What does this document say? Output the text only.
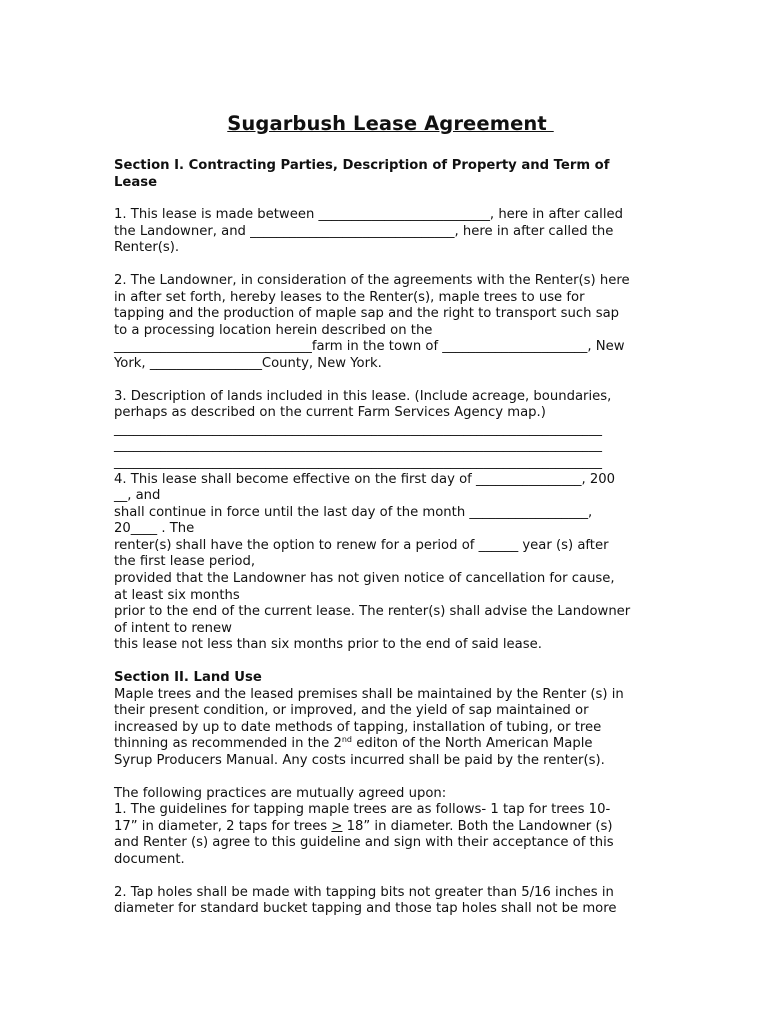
Sugarbush Lease Agreement
Section I. Contracting Parties, Description of Property and Term of
Lease
1. This lease is made between __________________________, here in after called
the Landowner, and _______________________________, here in after called the
Renter(s).
2. The Landowner, in consideration of the agreements with the Renter(s) here
in after set forth, hereby leases to the Renter(s), maple trees to use for
tapping and the production of maple sap and the right to transport such sap
to a processing location herein described on the
______________________________farm in the town of ______________________, New
York, _________________County, New York.
3. Description of lands included in this lease. (Include acreage, boundaries,
perhaps as described on the current Farm Services Agency map.)
__________________________________________________________________________
__________________________________________________________________________
__________________________________________________________________________
4. This lease shall become effective on the first day of ________________, 200
__, and
shall continue in force until the last day of the month __________________,
20____ . The
renter(s) shall have the option to renew for a period of ______ year (s) after
the first lease period,
provided that the Landowner has not given notice of cancellation for cause,
at least six months
prior to the end of the current lease. The renter(s) shall advise the Landowner
of intent to renew
this lease not less than six months prior to the end of said lease.
Section II. Land Use
Maple trees and the leased premises shall be maintained by the Renter (s) in
their present condition, or improved, and the yield of sap maintained or
increased by up to date methods of tapping, installation of tubing, or tree
thinning as recommended in the 2nd editon of the North American Maple
Syrup Producers Manual. Any costs incurred shall be paid by the renter(s).
The following practices are mutually agreed upon:
1. The guidelines for tapping maple trees are as follows- 1 tap for trees 10-
17” in diameter, 2 taps for trees ≥ 18” in diameter. Both the Landowner (s)
and Renter (s) agree to this guideline and sign with their acceptance of this
document.
2. Tap holes shall be made with tapping bits not greater than 5/16 inches in
diameter for standard bucket tapping and those tap holes shall not be more
